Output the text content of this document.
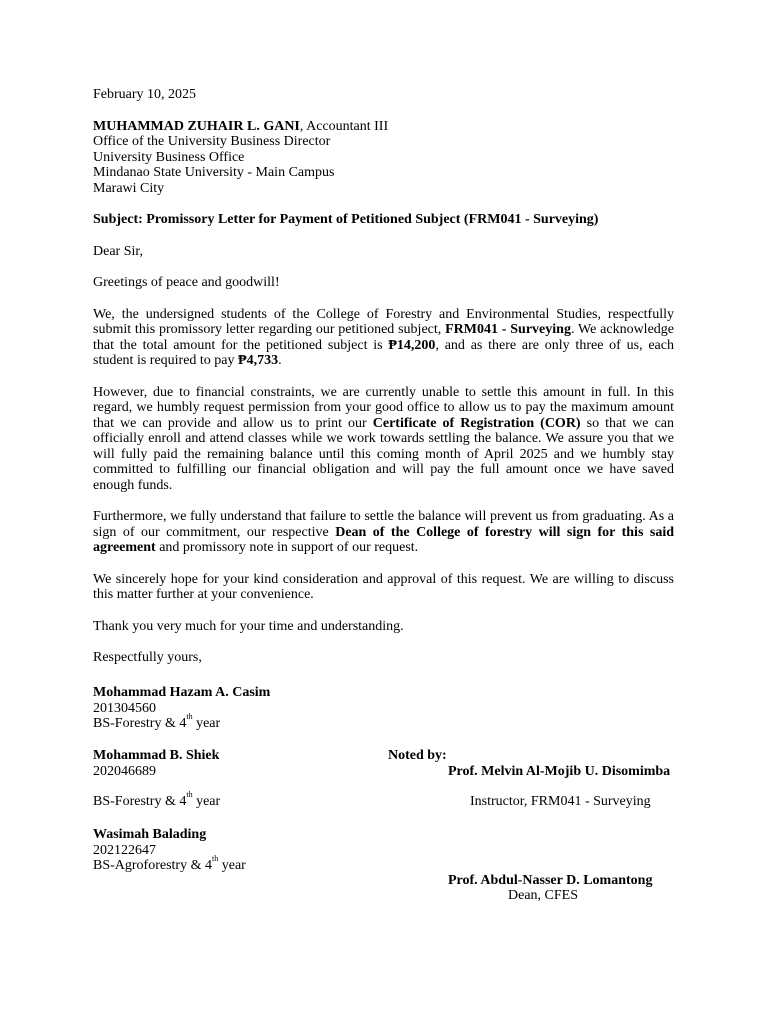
February 10, 2025

MUHAMMAD ZUHAIR L. GANI, Accountant III
Office of the University Business Director
University Business Office
Mindanao State University - Main Campus
Marawi City

Subject: Promissory Letter for Payment of Petitioned Subject (FRM041 - Surveying)

Dear Sir,

Greetings of peace and goodwill!

We, the undersigned students of the College of Forestry and Environmental Studies, respectfully submit this promissory letter regarding our petitioned subject, FRM041 - Surveying. We acknowledge that the total amount for the petitioned subject is ₱14,200, and as there are only three of us, each student is required to pay ₱4,733.

However, due to financial constraints, we are currently unable to settle this amount in full. In this regard, we humbly request permission from your good office to allow us to pay the maximum amount that we can provide and allow us to print our Certificate of Registration (COR) so that we can officially enroll and attend classes while we work towards settling the balance. We assure you that we will fully paid the remaining balance until this coming month of April 2025 and we humbly stay committed to fulfilling our financial obligation and will pay the full amount once we have saved enough funds.

Furthermore, we fully understand that failure to settle the balance will prevent us from graduating. As a sign of our commitment, our respective Dean of the College of forestry will sign for this said agreement and promissory note in support of our request.

We sincerely hope for your kind consideration and approval of this request. We are willing to discuss this matter further at your convenience.

Thank you very much for your time and understanding.

Respectfully yours,

Mohammad Hazam A. Casim
201304560
BS-Forestry & 4th year
Mohammad B. Shiek
202046689
BS-Forestry & 4th year
Wasimah Balading
202122647
BS-Agroforestry & 4th year
Noted by:
Prof. Melvin Al-Mojib U. Disomimba
Instructor, FRM041 - Surveying
Prof. Abdul-Nasser D. Lomantong
Dean, CFES
